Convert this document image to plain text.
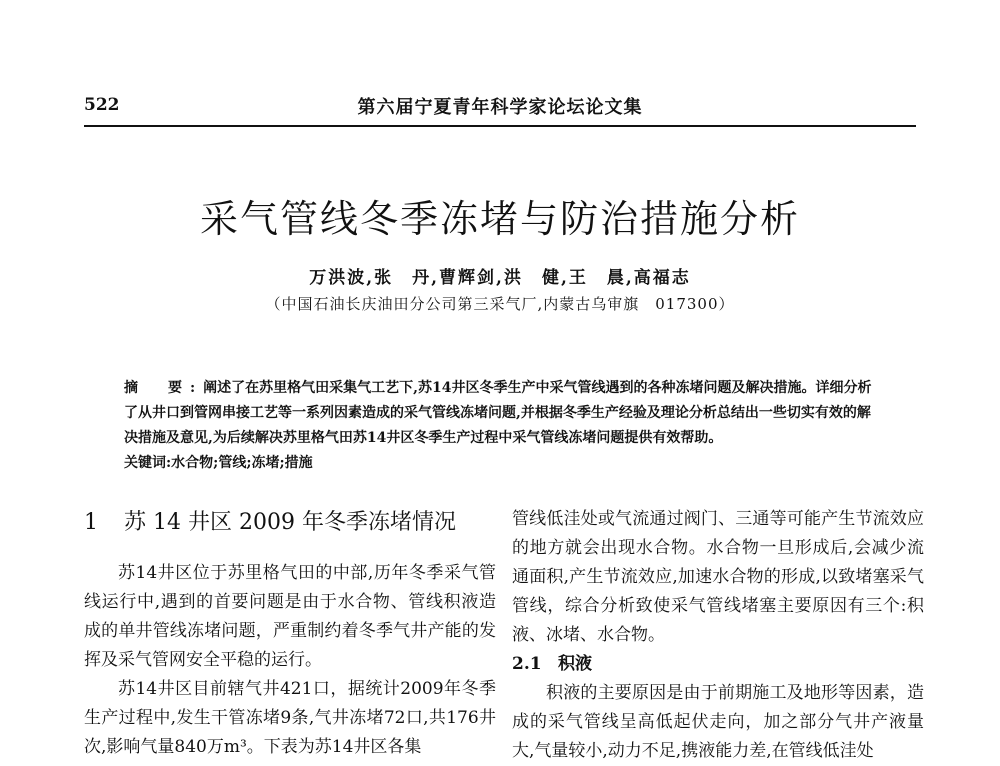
522	第六届宁夏青年科学家论坛论文集
采气管线冬季冻堵与防治措施分析
万洪波,张　丹,曹辉剑,洪　健,王　晨,高福志
（中国石油长庆油田分公司第三采气厂,内蒙古乌审旗　017300）

摘　要:阐述了在苏里格气田采集气工艺下,苏14井区冬季生产中采气管线遇到的各种冻堵问题及解决措施。详细分析了从井口到管网串接工艺等一系列因素造成的采气管线冻堵问题,并根据冬季生产经验及理论分析总结出一些切实有效的解决措施及意见,为后续解决苏里格气田苏14井区冬季生产过程中采气管线冻堵问题提供有效帮助。

关键词:水合物;管线;冻堵;措施

1 苏 14 井区 2009 年冬季冻堵情况

苏14井区位于苏里格气田的中部,历年冬季采气管线运行中,遇到的首要问题是由于水合物、管线积液造成的单井管线冻堵问题，严重制约着冬季气井产能的发挥及采气管网安全平稳的运行。

苏14井区目前辖气井421口，据统计2009年冬季生产过程中,发生干管冻堵9条,气井冻堵72口,共176井次,影响气量840万m³。下表为苏14井区各集

管线低洼处或气流通过阀门、三通等可能产生节流效应的地方就会出现水合物。水合物一旦形成后,会减少流通面积,产生节流效应,加速水合物的形成,以致堵塞采气管线，综合分析致使采气管线堵塞主要原因有三个:积液、冰堵、水合物。

2.1 积液

积液的主要原因是由于前期施工及地形等因素，造成的采气管线呈高低起伏走向，加之部分气井产液量大,气量较小,动力不足,携液能力差,在管线低洼处
